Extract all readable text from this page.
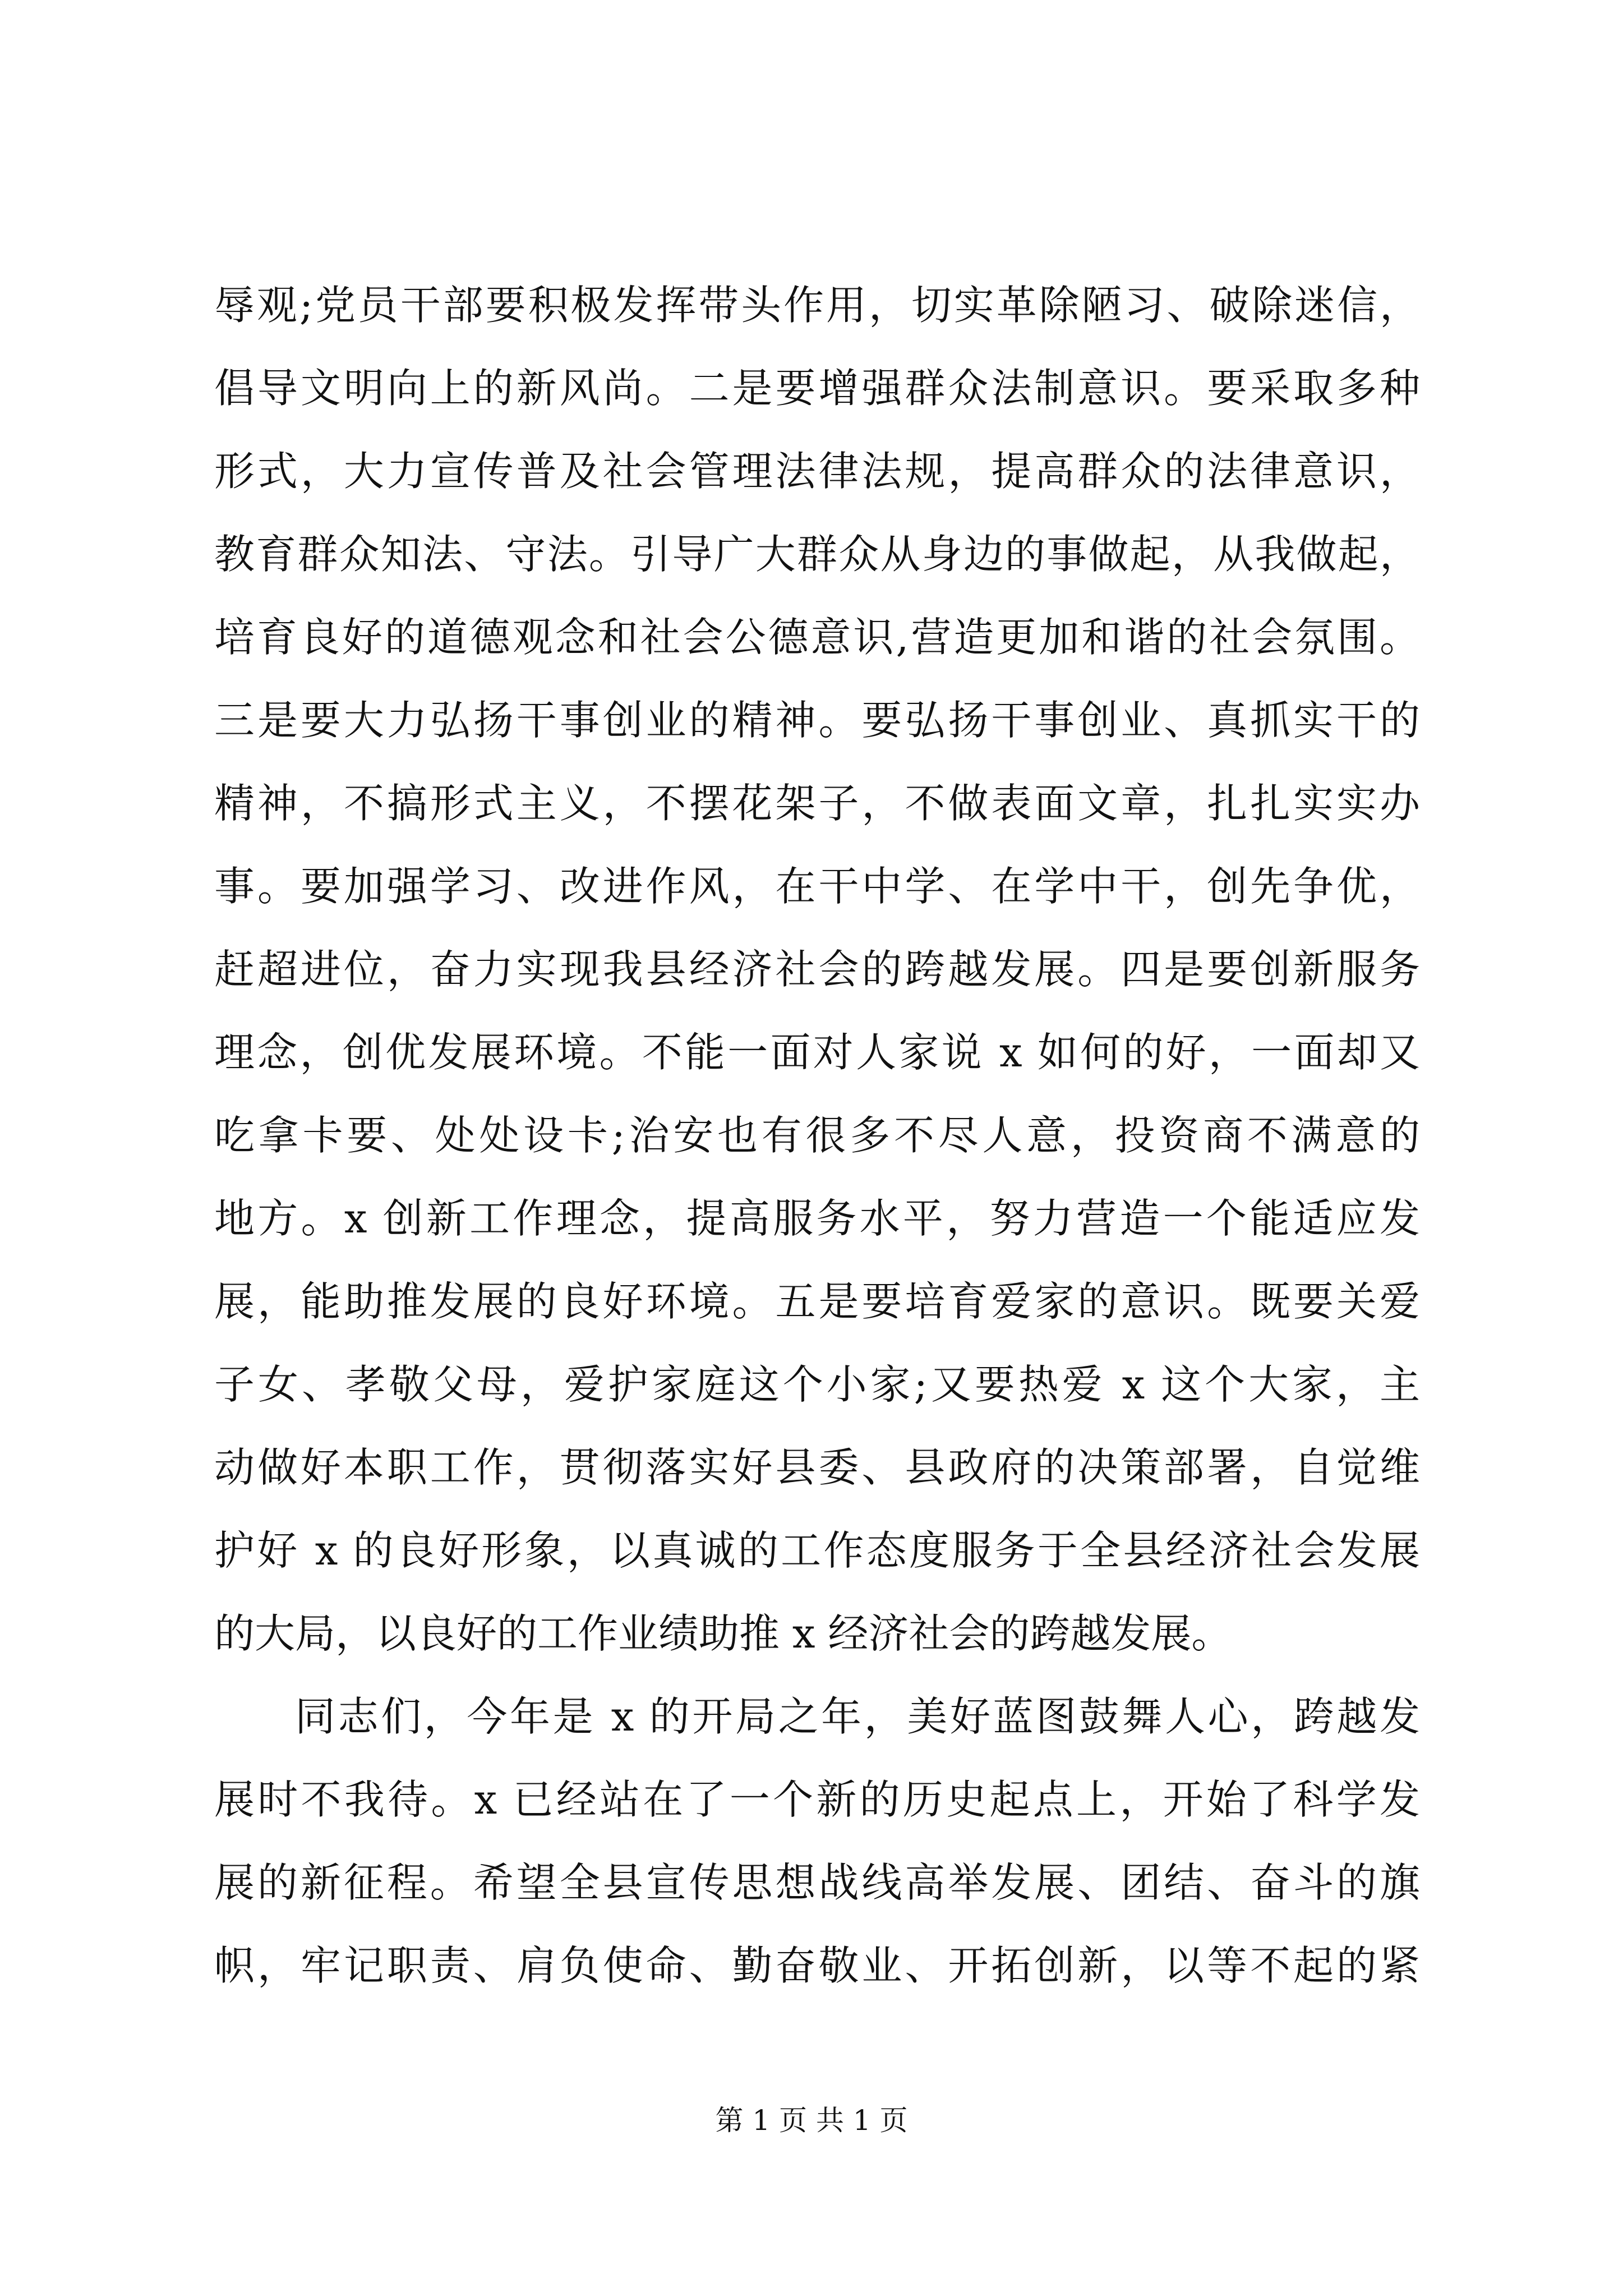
辱观;党员干部要积极发挥带头作用，切实革除陋习、破除迷信，
倡导文明向上的新风尚。二是要增强群众法制意识。要采取多种
形式，大力宣传普及社会管理法律法规，提高群众的法律意识，
教育群众知法、守法。引导广大群众从身边的事做起，从我做起，
培育良好的道德观念和社会公德意识,营造更加和谐的社会氛围。
三是要大力弘扬干事创业的精神。要弘扬干事创业、真抓实干的
精神，不搞形式主义，不摆花架子，不做表面文章，扎扎实实办
事。要加强学习、改进作风，在干中学、在学中干，创先争优，
赶超进位，奋力实现我县经济社会的跨越发展。四是要创新服务
理念，创优发展环境。不能一面对人家说 x 如何的好，一面却又
吃拿卡要、处处设卡;治安也有很多不尽人意，投资商不满意的
地方。x 创新工作理念，提高服务水平，努力营造一个能适应发
展，能助推发展的良好环境。五是要培育爱家的意识。既要关爱
子女、孝敬父母，爱护家庭这个小家;又要热爱 x 这个大家，主
动做好本职工作，贯彻落实好县委、县政府的决策部署，自觉维
护好 x 的良好形象，以真诚的工作态度服务于全县经济社会发展
的大局，以良好的工作业绩助推 x 经济社会的跨越发展。
同志们，今年是 x 的开局之年，美好蓝图鼓舞人心，跨越发
展时不我待。x 已经站在了一个新的历史起点上，开始了科学发
展的新征程。希望全县宣传思想战线高举发展、团结、奋斗的旗
帜，牢记职责、肩负使命、勤奋敬业、开拓创新，以等不起的紧
第 1 页 共 1 页
